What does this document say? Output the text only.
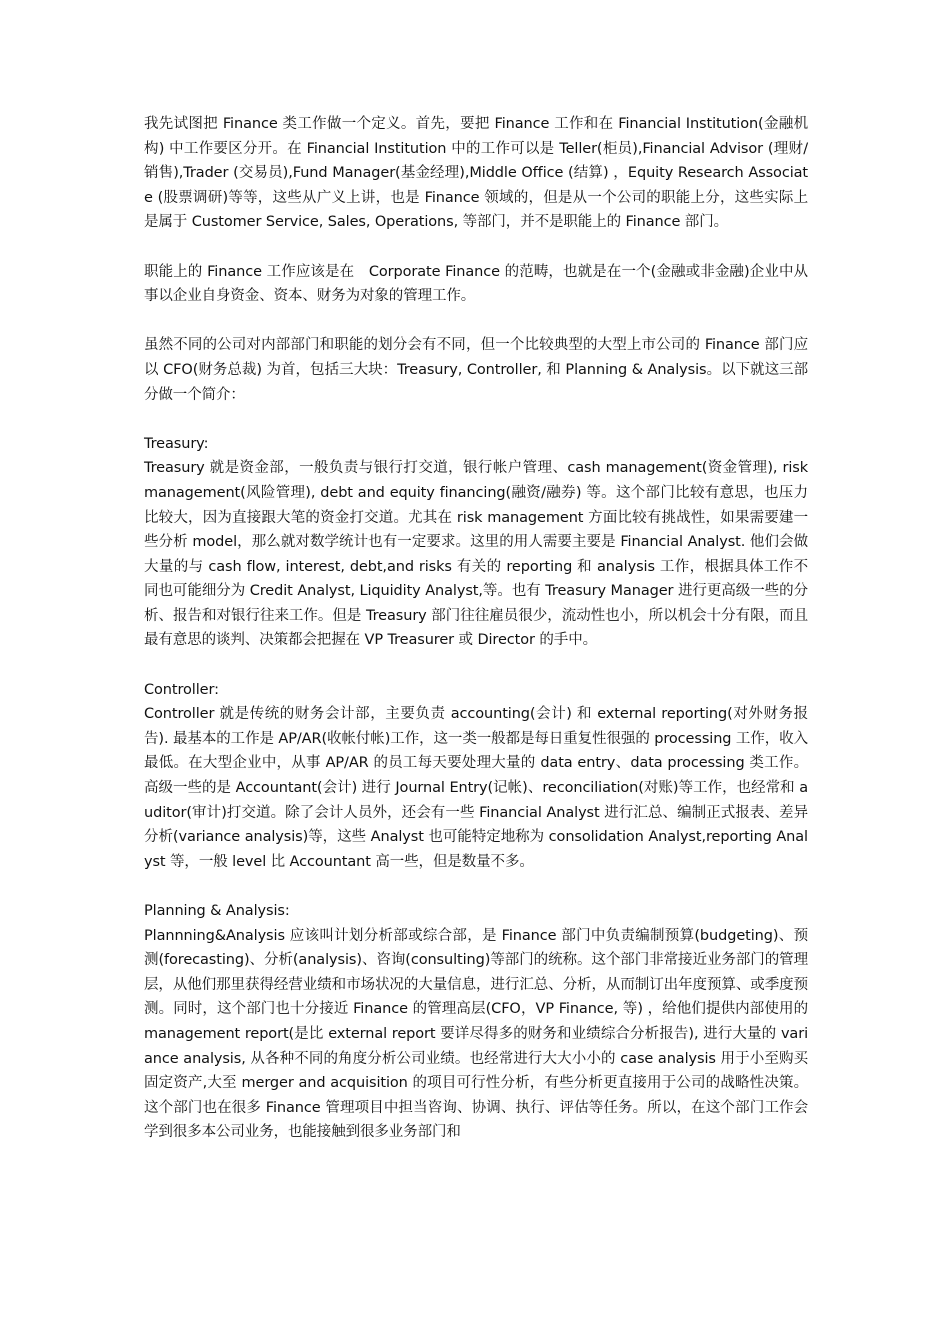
我先试图把 Finance 类工作做一个定义。首先，要把 Finance 工作和在 Financial Institution(金融机构) 中工作要区分开。在 Financial Institution 中的工作可以是 Teller(柜员),Financial Advisor (理财/销售),Trader (交易员),Fund Manager(基金经理),Middle Office (结算) ，Equity Research Associate (股票调研)等等，这些从广义上讲，也是 Finance 领域的，但是从一个公司的职能上分，这些实际上是属于 Customer Service, Sales, Operations, 等部门，并不是职能上的 Finance 部门。

职能上的 Finance 工作应该是在　Corporate Finance 的范畴，也就是在一个(金融或非金融)企业中从事以企业自身资金、资本、财务为对象的管理工作。

虽然不同的公司对内部部门和职能的划分会有不同，但一个比较典型的大型上市公司的 Finance 部门应以 CFO(财务总裁) 为首，包括三大块：Treasury, Controller, 和 Planning & Analysis。以下就这三部分做一个简介：

Treasury:

Treasury 就是资金部，一般负责与银行打交道，银行帐户管理、cash management(资金管理), risk management(风险管理), debt and equity financing(融资/融券) 等。这个部门比较有意思，也压力比较大，因为直接跟大笔的资金打交道。尤其在 risk management 方面比较有挑战性，如果需要建一些分析 model，那么就对数学统计也有一定要求。这里的用人需要主要是 Financial Analyst. 他们会做大量的与 cash flow, interest, debt,and risks 有关的 reporting 和 analysis 工作，根据具体工作不同也可能细分为 Credit Analyst, Liquidity Analyst,等。也有 Treasury Manager 进行更高级一些的分析、报告和对银行往来工作。但是 Treasury 部门往往雇员很少，流动性也小，所以机会十分有限，而且最有意思的谈判、决策都会把握在 VP Treasurer 或 Director 的手中。

Controller:

Controller 就是传统的财务会计部，主要负责 accounting(会计) 和 external reporting(对外财务报告). 最基本的工作是 AP/AR(收帐付帐)工作，这一类一般都是每日重复性很强的 processing 工作，收入最低。在大型企业中，从事 AP/AR 的员工每天要处理大量的 data entry、data processing 类工作。高级一些的是 Accountant(会计) 进行 Journal Entry(记帐)、reconciliation(对账)等工作，也经常和 auditor(审计)打交道。除了会计人员外，还会有一些 Financial Analyst 进行汇总、编制正式报表、差异分析(variance analysis)等，这些 Analyst 也可能特定地称为 consolidation Analyst,reporting Analyst 等，一般 level 比 Accountant 高一些，但是数量不多。

Planning & Analysis:

Plannning&Analysis 应该叫计划分析部或综合部，是 Finance 部门中负责编制预算(budgeting)、预测(forecasting)、分析(analysis)、咨询(consulting)等部门的统称。这个部门非常接近业务部门的管理层，从他们那里获得经营业绩和市场状况的大量信息，进行汇总、分析，从而制订出年度预算、或季度预测。同时，这个部门也十分接近 Finance 的管理高层(CFO，VP Finance, 等) ，给他们提供内部使用的 management report(是比 external report 要详尽得多的财务和业绩综合分析报告), 进行大量的 variance analysis, 从各种不同的角度分析公司业绩。也经常进行大大小小的 case analysis 用于小至购买固定资产,大至 merger and acquisition 的项目可行性分析，有些分析更直接用于公司的战略性决策。这个部门也在很多 Finance 管理项目中担当咨询、协调、执行、评估等任务。所以，在这个部门工作会学到很多本公司业务，也能接触到很多业务部门和
